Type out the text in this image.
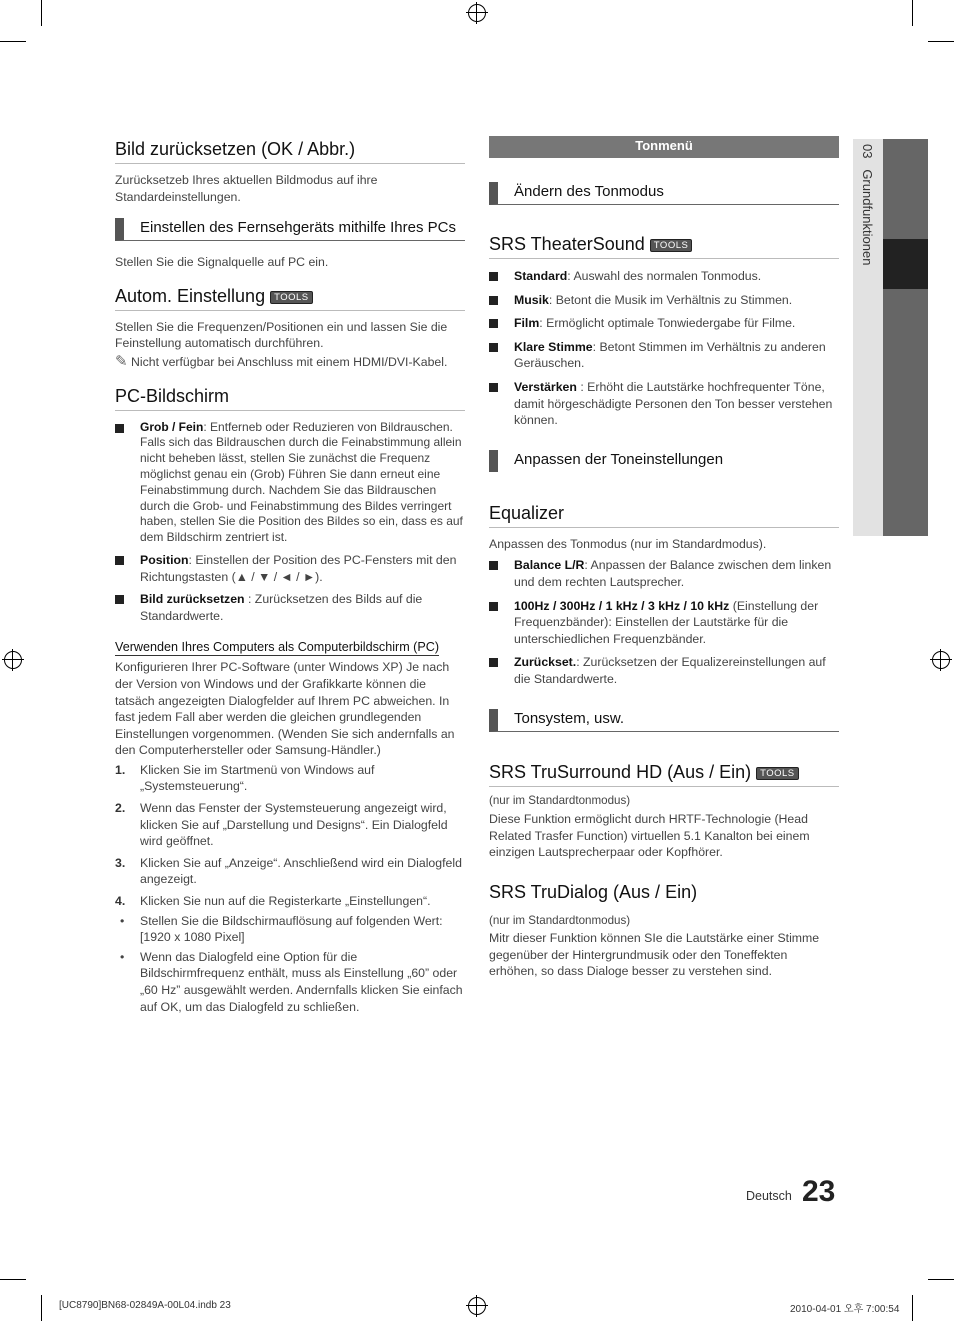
03   Grundfunktionen
Bild zurücksetzen (OK / Abbr.)
Zurücksetzeb Ihres aktuellen Bildmodus auf ihre Standardeinstellungen.
Einstellen des Fernsehgeräts mithilfe Ihres PCs
Stellen Sie die Signalquelle auf PC ein.
Autom. Einstellung TOOLS
Stellen Sie die Frequenzen/Positionen ein und lassen Sie die Feinstellung automatisch durchführen.
✎ Nicht verfügbar bei Anschluss mit einem HDMI/DVI-Kabel.
PC-Bildschirm
Grob / Fein: Entferneb oder Reduzieren von Bildrauschen. Falls sich das Bildrauschen durch die Feinabstimmung allein nicht beheben lässt, stellen Sie zunächst die Frequenz möglichst genau ein (Grob) Führen Sie dann erneut eine Feinabstimmung durch. Nachdem Sie das Bildrauschen durch die Grob- und Feinabstimmung des Bildes verringert haben, stellen Sie die Position des Bildes so ein, dass es auf dem Bildschirm zentriert ist.
Position: Einstellen der Position des PC-Fensters mit den Richtungstasten (▲ / ▼ / ◄ / ►).
Bild zurücksetzen : Zurücksetzen des Bilds auf die Standardwerte.
Verwenden Ihres Computers als Computerbildschirm (PC)
Konfigurieren Ihrer PC-Software (unter Windows XP) Je nach der Version von Windows und der Grafikkarte können die tatsäch angezeigten Dialogfelder auf Ihrem PC abweichen. In fast jedem Fall aber werden die gleichen grundlegenden Einstellungen vorgenommen. (Wenden Sie sich andernfalls an den Computerhersteller oder Samsung-Händler.)
1. Klicken Sie im Startmenü von Windows auf „Systemsteuerung“.
2. Wenn das Fenster der Systemsteuerung angezeigt wird, klicken Sie auf „Darstellung und Designs“. Ein Dialogfeld wird geöffnet.
3. Klicken Sie auf „Anzeige“. Anschließend wird ein Dialogfeld angezeigt.
4. Klicken Sie nun auf die Registerkarte „Einstellungen“.
• Stellen Sie die Bildschirmauflösung auf folgenden Wert: [1920 x 1080 Pixel]
• Wenn das Dialogfeld eine Option für die Bildschirmfrequenz enthält, muss als Einstellung „60” oder „60 Hz” ausgewählt werden. Andernfalls klicken Sie einfach auf OK, um das Dialogfeld zu schließen.
Tonmenü
Ändern des Tonmodus
SRS TheaterSound TOOLS
Standard: Auswahl des normalen Tonmodus.
Musik: Betont die Musik im Verhältnis zu Stimmen.
Film: Ermöglicht optimale Tonwiedergabe für Filme.
Klare Stimme: Betont Stimmen im Verhältnis zu anderen Geräuschen.
Verstärken : Erhöht die Lautstärke hochfrequenter Töne, damit hörgeschädigte Personen den Ton besser verstehen können.
Anpassen der Toneinstellungen
Equalizer
Anpassen des Tonmodus (nur im Standardmodus).
Balance L/R: Anpassen der Balance zwischen dem linken und dem rechten Lautsprecher.
100Hz / 300Hz / 1 kHz / 3 kHz / 10 kHz (Einstellung der Frequenzbänder): Einstellen der Lautstärke für die unterschiedlichen Frequenzbänder.
Zurückset.: Zurücksetzen der Equalizereinstellungen auf die Standardwerte.
Tonsystem, usw.
SRS TruSurround HD (Aus / Ein) TOOLS
(nur im Standardtonmodus)
Diese Funktion ermöglicht durch HRTF-Technologie (Head Related Trasfer Function) virtuellen 5.1 Kanalton bei einem einzigen Lautsprecherpaar oder Kopfhörer.
SRS TruDialog (Aus / Ein)
(nur im Standardtonmodus)
Mitr dieser Funktion können SIe die Lautstärke einer Stimme gegenüber der Hintergrundmusik oder den Toneffekten erhöhen, so dass Dialoge besser zu verstehen sind.
Deutsch 23
[UC8790]BN68-02849A-00L04.indb 23	2010-04-01 오후 7:00:54
